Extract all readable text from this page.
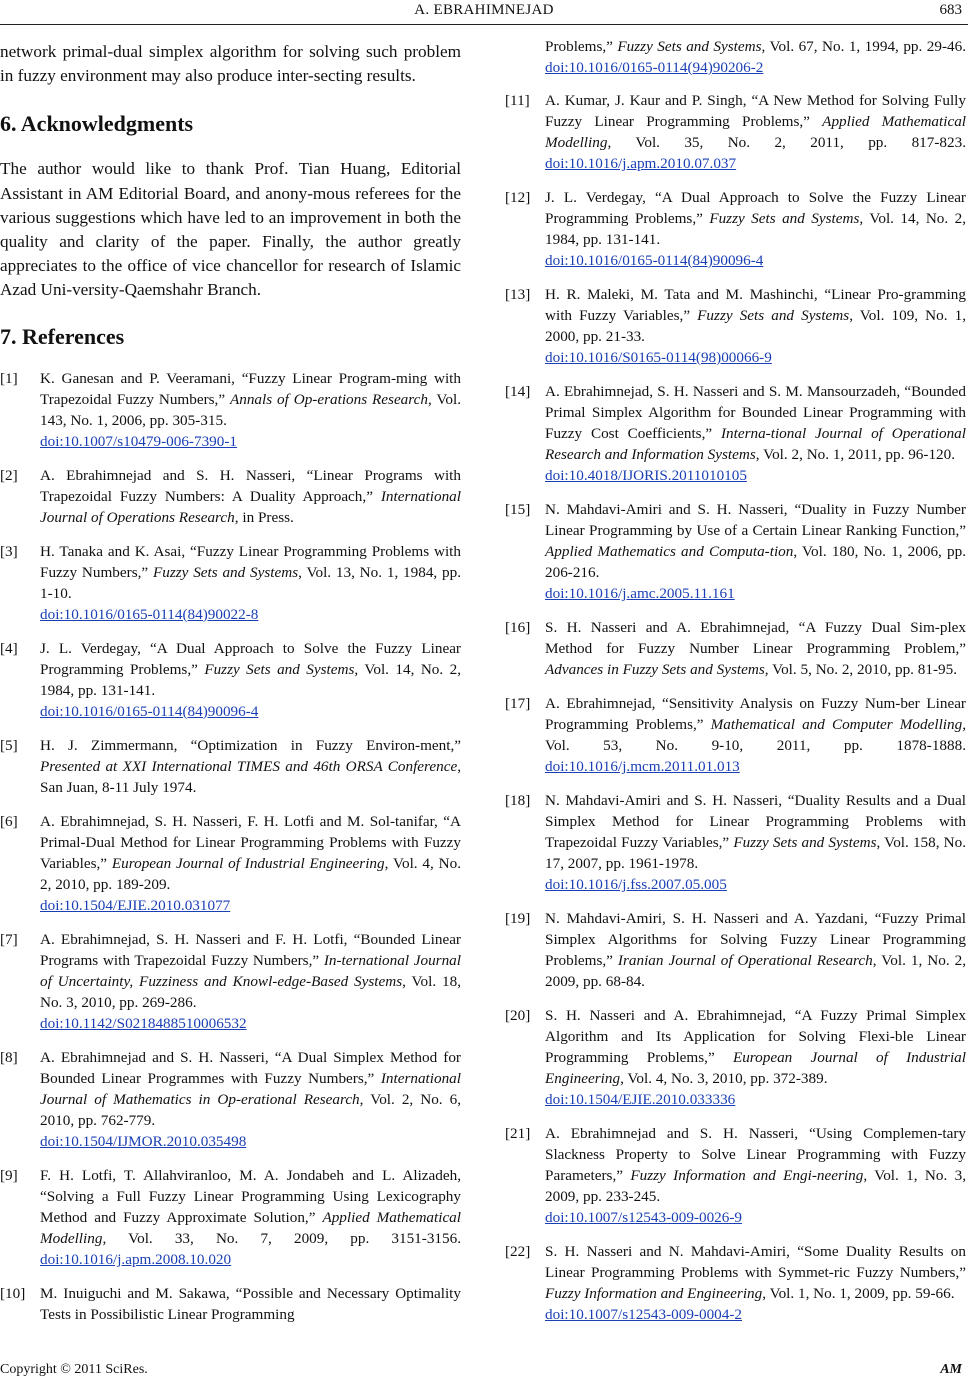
A. EBRAHIMNEJAD	683

network primal-dual simplex algorithm for solving such problem in fuzzy environment may also produce inter-secting results.

6. Acknowledgments

The author would like to thank Prof. Tian Huang, Editorial Assistant in AM Editorial Board, and anony-mous referees for the various suggestions which have led to an improvement in both the quality and clarity of the paper. Finally, the author greatly appreciates to the office of vice chancellor for research of Islamic Azad Uni-versity-Qaemshahr Branch.

7. References
[1]	K. Ganesan and P. Veeramani, “Fuzzy Linear Program-ming with Trapezoidal Fuzzy Numbers,” Annals of Op-erations Research, Vol. 143, No. 1, 2006, pp. 305-315.
doi:10.1007/s10479-006-7390-1
[2]	A. Ebrahimnejad and S. H. Nasseri, “Linear Programs with Trapezoidal Fuzzy Numbers: A Duality Approach,” International Journal of Operations Research, in Press.
[3]	H. Tanaka and K. Asai, “Fuzzy Linear Programming Problems with Fuzzy Numbers,” Fuzzy Sets and Systems, Vol. 13, No. 1, 1984, pp. 1-10.
doi:10.1016/0165-0114(84)90022-8
[4]	J. L. Verdegay, “A Dual Approach to Solve the Fuzzy Linear Programming Problems,” Fuzzy Sets and Systems, Vol. 14, No. 2, 1984, pp. 131-141.
doi:10.1016/0165-0114(84)90096-4
[5]	H. J. Zimmermann, “Optimization in Fuzzy Environ-ment,” Presented at XXI International TIMES and 46th ORSA Conference, San Juan, 8-11 July 1974.
[6]	A. Ebrahimnejad, S. H. Nasseri, F. H. Lotfi and M. Sol-tanifar, “A Primal-Dual Method for Linear Programming Problems with Fuzzy Variables,” European Journal of Industrial Engineering, Vol. 4, No. 2, 2010, pp. 189-209.
doi:10.1504/EJIE.2010.031077
[7]	A. Ebrahimnejad, S. H. Nasseri and F. H. Lotfi, “Bounded Linear Programs with Trapezoidal Fuzzy Numbers,” In-ternational Journal of Uncertainty, Fuzziness and Knowl-edge-Based Systems, Vol. 18, No. 3, 2010, pp. 269-286.
doi:10.1142/S0218488510006532
[8]	A. Ebrahimnejad and S. H. Nasseri, “A Dual Simplex Method for Bounded Linear Programmes with Fuzzy Numbers,” International Journal of Mathematics in Op-erational Research, Vol. 2, No. 6, 2010, pp. 762-779.
doi:10.1504/IJMOR.2010.035498
[9]	F. H. Lotfi, T. Allahviranloo, M. A. Jondabeh and L. Alizadeh, “Solving a Full Fuzzy Linear Programming Using Lexicography Method and Fuzzy Approximate Solution,” Applied Mathematical Modelling, Vol. 33, No. 7, 2009, pp. 3151-3156. doi:10.1016/j.apm.2008.10.020
[10] M. Inuiguchi and M. Sakawa, “Possible and Necessary Optimality Tests in Possibilistic Linear Programming
Problems,” Fuzzy Sets and Systems, Vol. 67, No. 1, 1994, pp. 29-46. doi:10.1016/0165-0114(94)90206-2
[11]	A. Kumar, J. Kaur and P. Singh, “A New Method for Solving Fully Fuzzy Linear Programming Problems,” Applied Mathematical Modelling, Vol. 35, No. 2, 2011, pp. 817-823. doi:10.1016/j.apm.2010.07.037
[12] J. L. Verdegay, “A Dual Approach to Solve the Fuzzy Linear Programming Problems,” Fuzzy Sets and Systems, Vol. 14, No. 2, 1984, pp. 131-141.
doi:10.1016/0165-0114(84)90096-4
[13] H. R. Maleki, M. Tata and M. Mashinchi, “Linear Pro-gramming with Fuzzy Variables,” Fuzzy Sets and Systems, Vol. 109, No. 1, 2000, pp. 21-33.
doi:10.1016/S0165-0114(98)00066-9
[14] A. Ebrahimnejad, S. H. Nasseri and S. M. Mansourzadeh, “Bounded Primal Simplex Algorithm for Bounded Linear Programming with Fuzzy Cost Coefficients,” Interna-tional Journal of Operational Research and Information Systems, Vol. 2, No. 1, 2011, pp. 96-120.
doi:10.4018/IJORIS.2011010105
[15] N. Mahdavi-Amiri and S. H. Nasseri, “Duality in Fuzzy Number Linear Programming by Use of a Certain Linear Ranking Function,” Applied Mathematics and Computa-tion, Vol. 180, No. 1, 2006, pp. 206-216.
doi:10.1016/j.amc.2005.11.161
[16] S. H. Nasseri and A. Ebrahimnejad, “A Fuzzy Dual Sim-plex Method for Fuzzy Number Linear Programming Problem,” Advances in Fuzzy Sets and Systems, Vol. 5, No. 2, 2010, pp. 81-95.
[17] A. Ebrahimnejad, “Sensitivity Analysis on Fuzzy Num-ber Linear Programming Problems,” Mathematical and Computer Modelling, Vol. 53, No. 9-10, 2011, pp. 1878-1888. doi:10.1016/j.mcm.2011.01.013
[18] N. Mahdavi-Amiri and S. H. Nasseri, “Duality Results and a Dual Simplex Method for Linear Programming Problems with Trapezoidal Fuzzy Variables,” Fuzzy Sets and Systems, Vol. 158, No. 17, 2007, pp. 1961-1978.
doi:10.1016/j.fss.2007.05.005
[19] N. Mahdavi-Amiri, S. H. Nasseri and A. Yazdani, “Fuzzy Primal Simplex Algorithms for Solving Fuzzy Linear Programming Problems,” Iranian Journal of Operational Research, Vol. 1, No. 2, 2009, pp. 68-84.
[20] S. H. Nasseri and A. Ebrahimnejad, “A Fuzzy Primal Simplex Algorithm and Its Application for Solving Flexi-ble Linear Programming Problems,” European Journal of Industrial Engineering, Vol. 4, No. 3, 2010, pp. 372-389.
doi:10.1504/EJIE.2010.033336
[21] A. Ebrahimnejad and S. H. Nasseri, “Using Complemen-tary Slackness Property to Solve Linear Programming with Fuzzy Parameters,” Fuzzy Information and Engi-neering, Vol. 1, No. 3, 2009, pp. 233-245.
doi:10.1007/s12543-009-0026-9
[22] S. H. Nasseri and N. Mahdavi-Amiri, “Some Duality Results on Linear Programming Problems with Symmet-ric Fuzzy Numbers,” Fuzzy Information and Engineering, Vol. 1, No. 1, 2009, pp. 59-66.
doi:10.1007/s12543-009-0004-2
Copyright © 2011 SciRes.	AM
